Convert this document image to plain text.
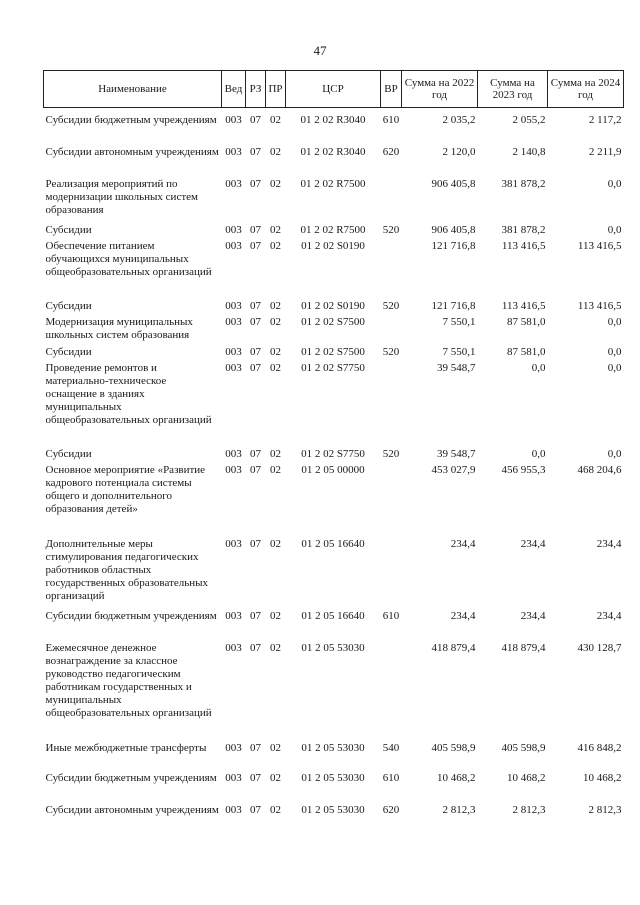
47
Наименование	Вед	РЗ	ПР	ЦСР	ВР	Сумма на 2022 год	Сумма на 2023 год	Сумма на 2024 год

Субсидии бюджетным учреждениям	003	07	02	01 2 02 R3040	610	2 035,2	2 055,2	2 117,2
Субсидии автономным учреждениям	003	07	02	01 2 02 R3040	620	2 120,0	2 140,8	2 211,9
Реализация мероприятий по модернизации школьных систем образования	003	07	02	01 2 02 R7500		906 405,8	381 878,2	0,0
Субсидии	003	07	02	01 2 02 R7500	520	906 405,8	381 878,2	0,0
Обеспечение питанием обучающихся муниципальных общеобразовательных организаций	003	07	02	01 2 02 S0190		121 716,8	113 416,5	113 416,5
Субсидии	003	07	02	01 2 02 S0190	520	121 716,8	113 416,5	113 416,5
Модернизация муниципальных школьных систем образования	003	07	02	01 2 02 S7500		7 550,1	87 581,0	0,0
Субсидии	003	07	02	01 2 02 S7500	520	7 550,1	87 581,0	0,0
Проведение ремонтов и материально-техническое оснащение в зданиях муниципальных общеобразовательных организаций	003	07	02	01 2 02 S7750		39 548,7	0,0	0,0
Субсидии	003	07	02	01 2 02 S7750	520	39 548,7	0,0	0,0
Основное мероприятие «Развитие кадрового потенциала системы общего и дополнительного образования детей»	003	07	02	01 2 05 00000		453 027,9	456 955,3	468 204,6
Дополнительные меры стимулирования педагогических работников областных государственных образовательных организаций	003	07	02	01 2 05 16640		234,4	234,4	234,4
Субсидии бюджетным учреждениям	003	07	02	01 2 05 16640	610	234,4	234,4	234,4
Ежемесячное денежное вознаграждение за классное руководство педагогическим работникам государственных и муниципальных общеобразовательных организаций	003	07	02	01 2 05 53030		418 879,4	418 879,4	430 128,7
Иные межбюджетные трансферты	003	07	02	01 2 05 53030	540	405 598,9	405 598,9	416 848,2
Субсидии бюджетным учреждениям	003	07	02	01 2 05 53030	610	10 468,2	10 468,2	10 468,2
Субсидии автономным учреждениям	003	07	02	01 2 05 53030	620	2 812,3	2 812,3	2 812,3
